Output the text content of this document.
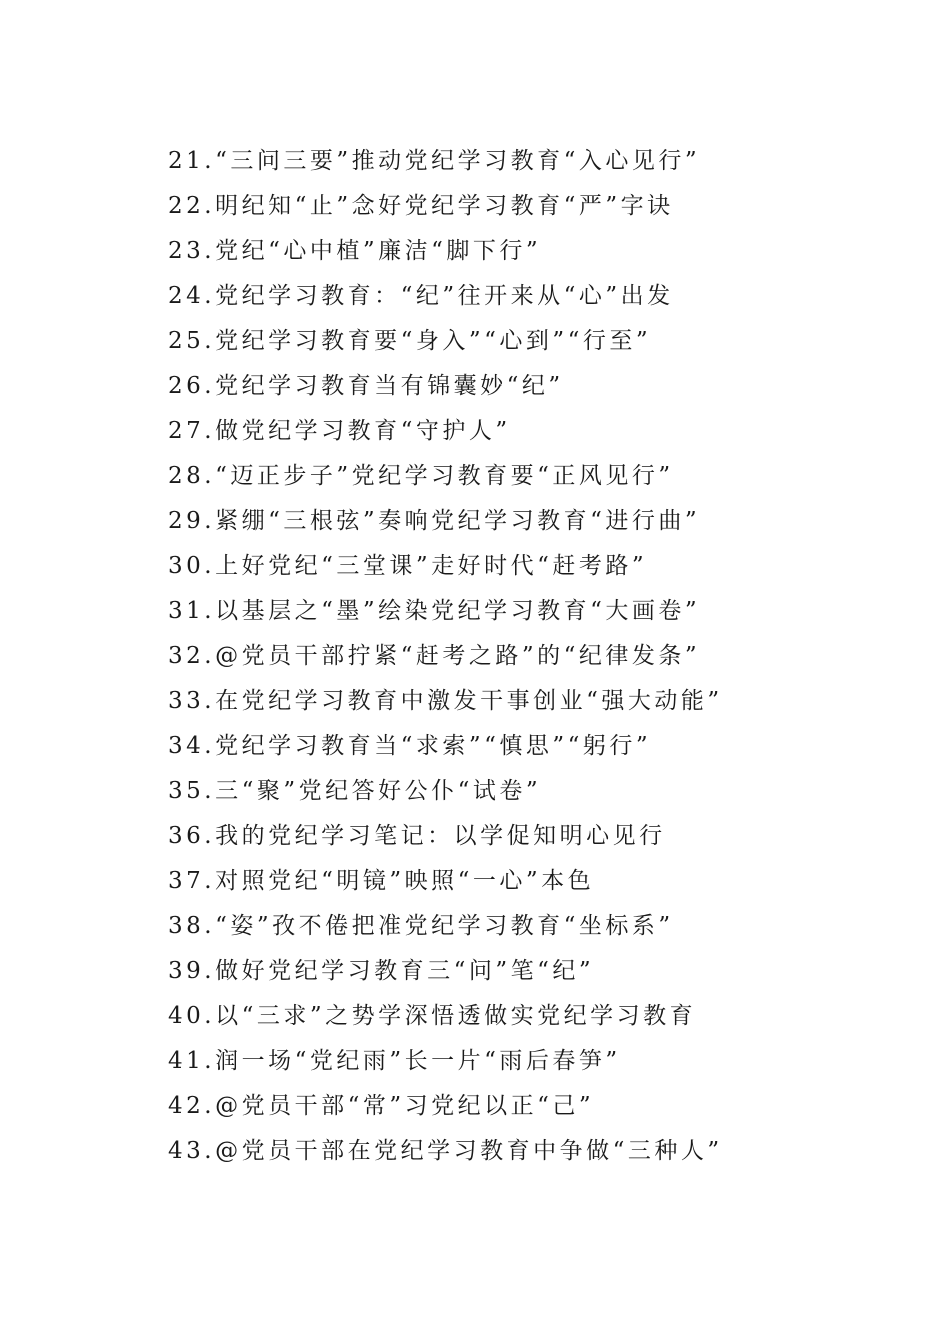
21.“三问三要”推动党纪学习教育“入心见行”
22.明纪知“止”念好党纪学习教育“严”字诀
23.党纪“心中植”廉洁“脚下行”
24.党纪学习教育：“纪”往开来从“心”出发
25.党纪学习教育要“身入”“心到”“行至”
26.党纪学习教育当有锦囊妙“纪”
27.做党纪学习教育“守护人”
28.“迈正步子”党纪学习教育要“正风见行”
29.紧绷“三根弦”奏响党纪学习教育“进行曲”
30.上好党纪“三堂课”走好时代“赶考路”
31.以基层之“墨”绘染党纪学习教育“大画卷”
32.@党员干部拧紧“赶考之路”的“纪律发条”
33.在党纪学习教育中激发干事创业“强大动能”
34.党纪学习教育当“求索”“慎思”“躬行”
35.三“聚”党纪答好公仆“试卷”
36.我的党纪学习笔记：以学促知明心见行
37.对照党纪“明镜”映照“一心”本色
38.“姿”孜不倦把准党纪学习教育“坐标系”
39.做好党纪学习教育三“问”笔“纪”
40.以“三求”之势学深悟透做实党纪学习教育
41.润一场“党纪雨”长一片“雨后春笋”
42.@党员干部“常”习党纪以正“己”
43.@党员干部在党纪学习教育中争做“三种人”
